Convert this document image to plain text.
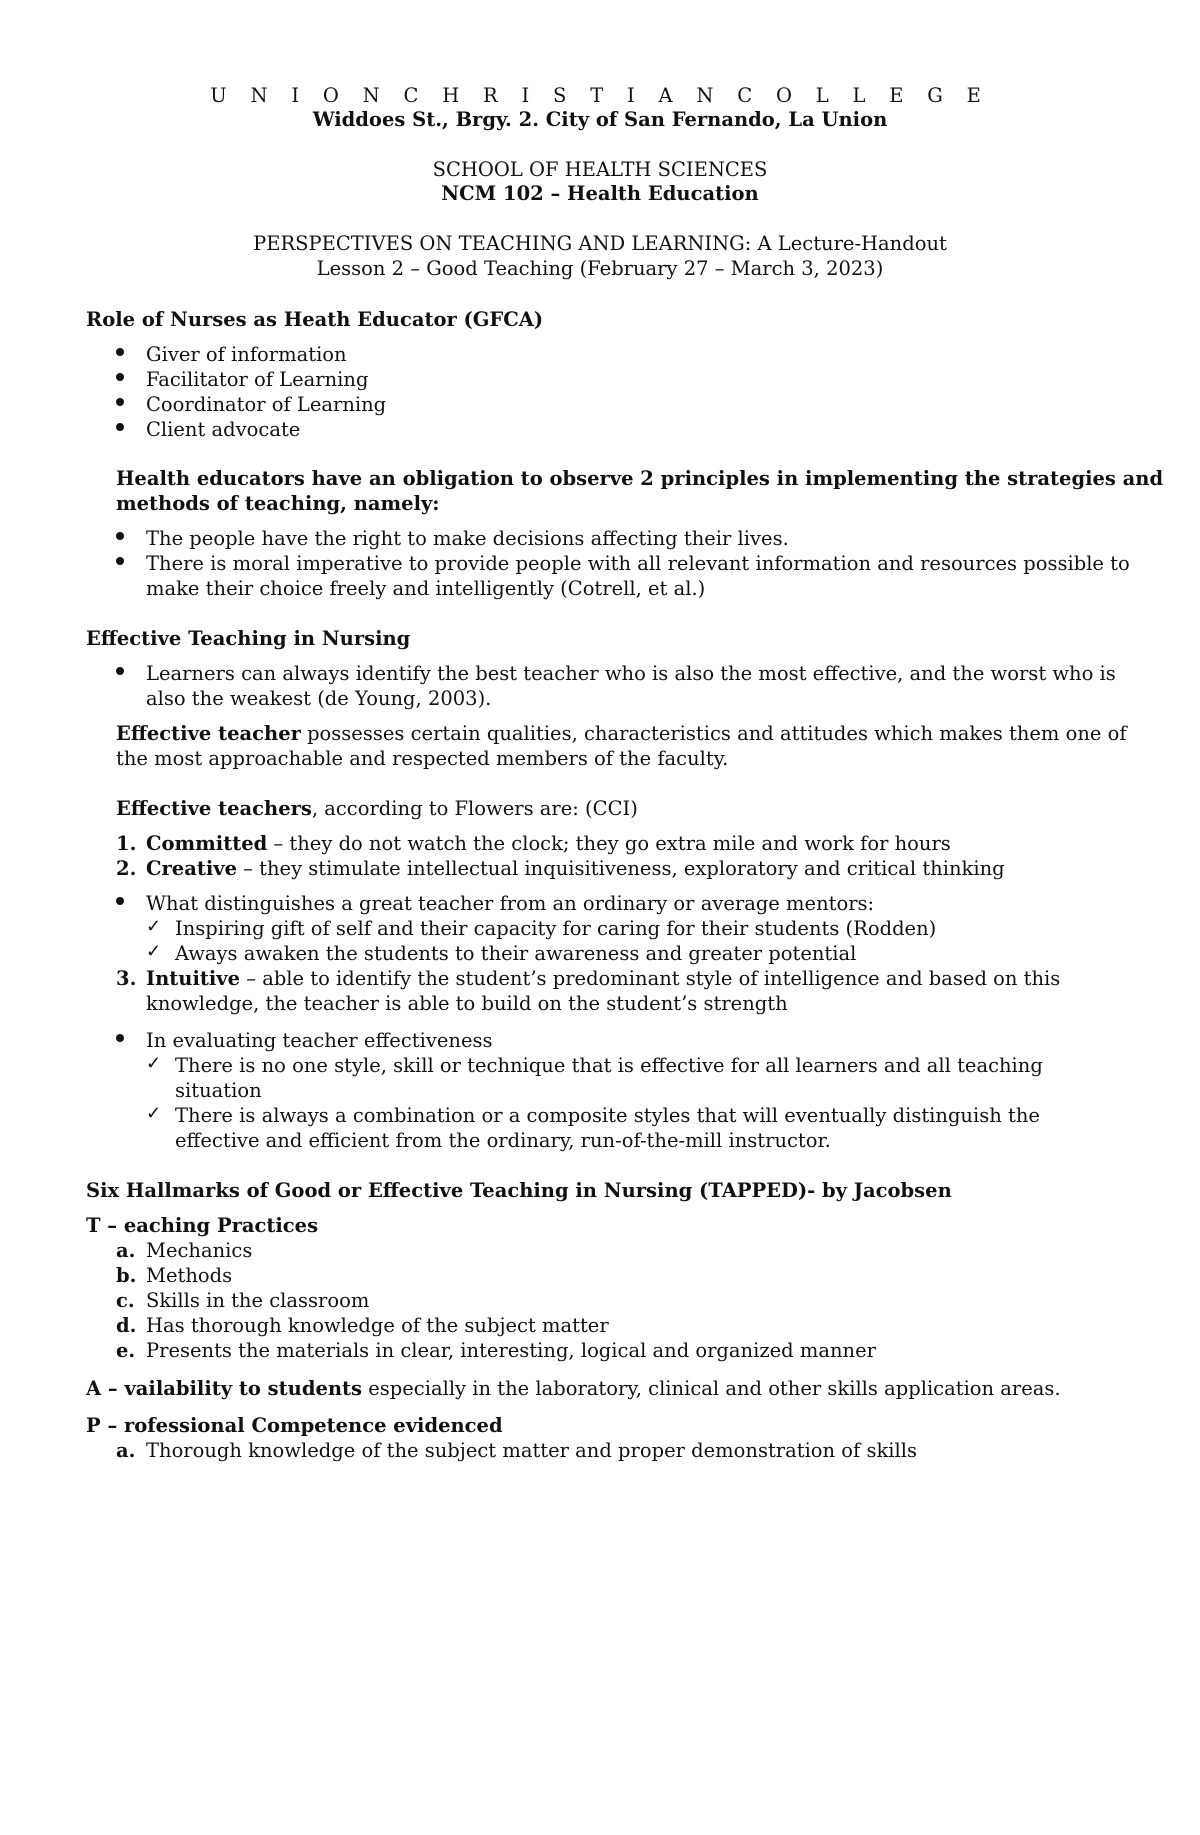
U N I O N C H R I S T I A N C O L L E G E
Widdoes St., Brgy. 2. City of San Fernando, La Union
SCHOOL OF HEALTH SCIENCES
NCM 102 – Health Education
PERSPECTIVES ON TEACHING AND LEARNING: A Lecture-Handout
Lesson 2 – Good Teaching (February 27 – March 3, 2023)
Role of Nurses as Heath Educator (GFCA)
Giver of information
Facilitator of Learning
Coordinator of Learning
Client advocate
Health educators have an obligation to observe 2 principles in implementing the strategies and
methods of teaching, namely:
The people have the right to make decisions affecting their lives.
There is moral imperative to provide people with all relevant information and resources possible to
make their choice freely and intelligently (Cotrell, et al.)
Effective Teaching in Nursing
Learners can always identify the best teacher who is also the most effective, and the worst who is
also the weakest (de Young, 2003).
Effective teacher possesses certain qualities, characteristics and attitudes which makes them one of
the most approachable and respected members of the faculty.
Effective teachers, according to Flowers are: (CCI)
1. Committed – they do not watch the clock; they go extra mile and work for hours
2. Creative – they stimulate intellectual inquisitiveness, exploratory and critical thinking
What distinguishes a great teacher from an ordinary or average mentors:
✓ Inspiring gift of self and their capacity for caring for their students (Rodden)
✓ Aways awaken the students to their awareness and greater potential
3. Intuitive – able to identify the student’s predominant style of intelligence and based on this
knowledge, the teacher is able to build on the student’s strength
In evaluating teacher effectiveness
✓ There is no one style, skill or technique that is effective for all learners and all teaching
situation
✓ There is always a combination or a composite styles that will eventually distinguish the
effective and efficient from the ordinary, run-of-the-mill instructor.
Six Hallmarks of Good or Effective Teaching in Nursing (TAPPED)- by Jacobsen
T – eaching Practices
a. Mechanics
b. Methods
c. Skills in the classroom
d. Has thorough knowledge of the subject matter
e. Presents the materials in clear, interesting, logical and organized manner
A – vailability to students especially in the laboratory, clinical and other skills application areas.
P – rofessional Competence evidenced
a. Thorough knowledge of the subject matter and proper demonstration of skills
